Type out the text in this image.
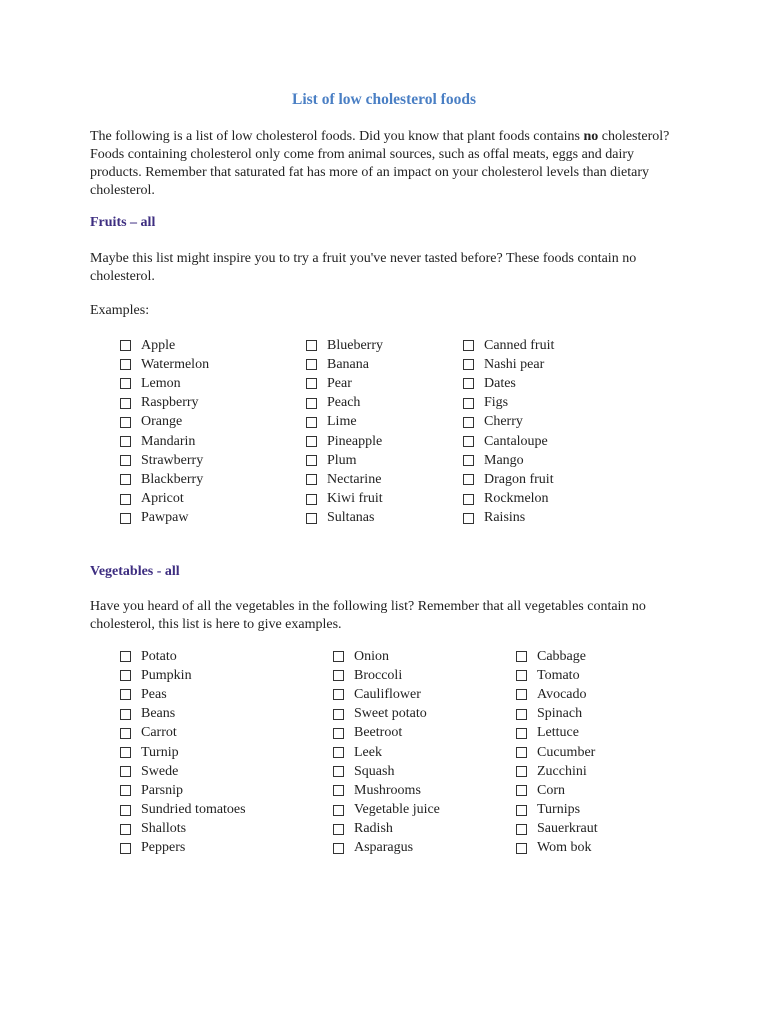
List of low cholesterol foods

The following is a list of low cholesterol foods. Did you know that plant foods contains no cholesterol? Foods containing cholesterol only come from animal sources, such as offal meats, eggs and dairy products. Remember that saturated fat has more of an impact on your cholesterol levels than dietary cholesterol.

Fruits – all

Maybe this list might inspire you to try a fruit you've never tasted before? These foods contain no cholesterol.

Examples:

Apple
Watermelon
Lemon
Raspberry
Orange
Mandarin
Strawberry
Blackberry
Apricot
Pawpaw
Blueberry
Banana
Pear
Peach
Lime
Pineapple
Plum
Nectarine
Kiwi fruit
Sultanas
Canned fruit
Nashi pear
Dates
Figs
Cherry
Cantaloupe
Mango
Dragon fruit
Rockmelon
Raisins
Vegetables - all

Have you heard of all the vegetables in the following list? Remember that all vegetables contain no cholesterol, this list is here to give examples.

Potato
Pumpkin
Peas
Beans
Carrot
Turnip
Swede
Parsnip
Sundried tomatoes
Shallots
Peppers
Onion
Broccoli
Cauliflower
Sweet potato
Beetroot
Leek
Squash
Mushrooms
Vegetable juice
Radish
Asparagus
Cabbage
Tomato
Avocado
Spinach
Lettuce
Cucumber
Zucchini
Corn
Turnips
Sauerkraut
Wom bok
